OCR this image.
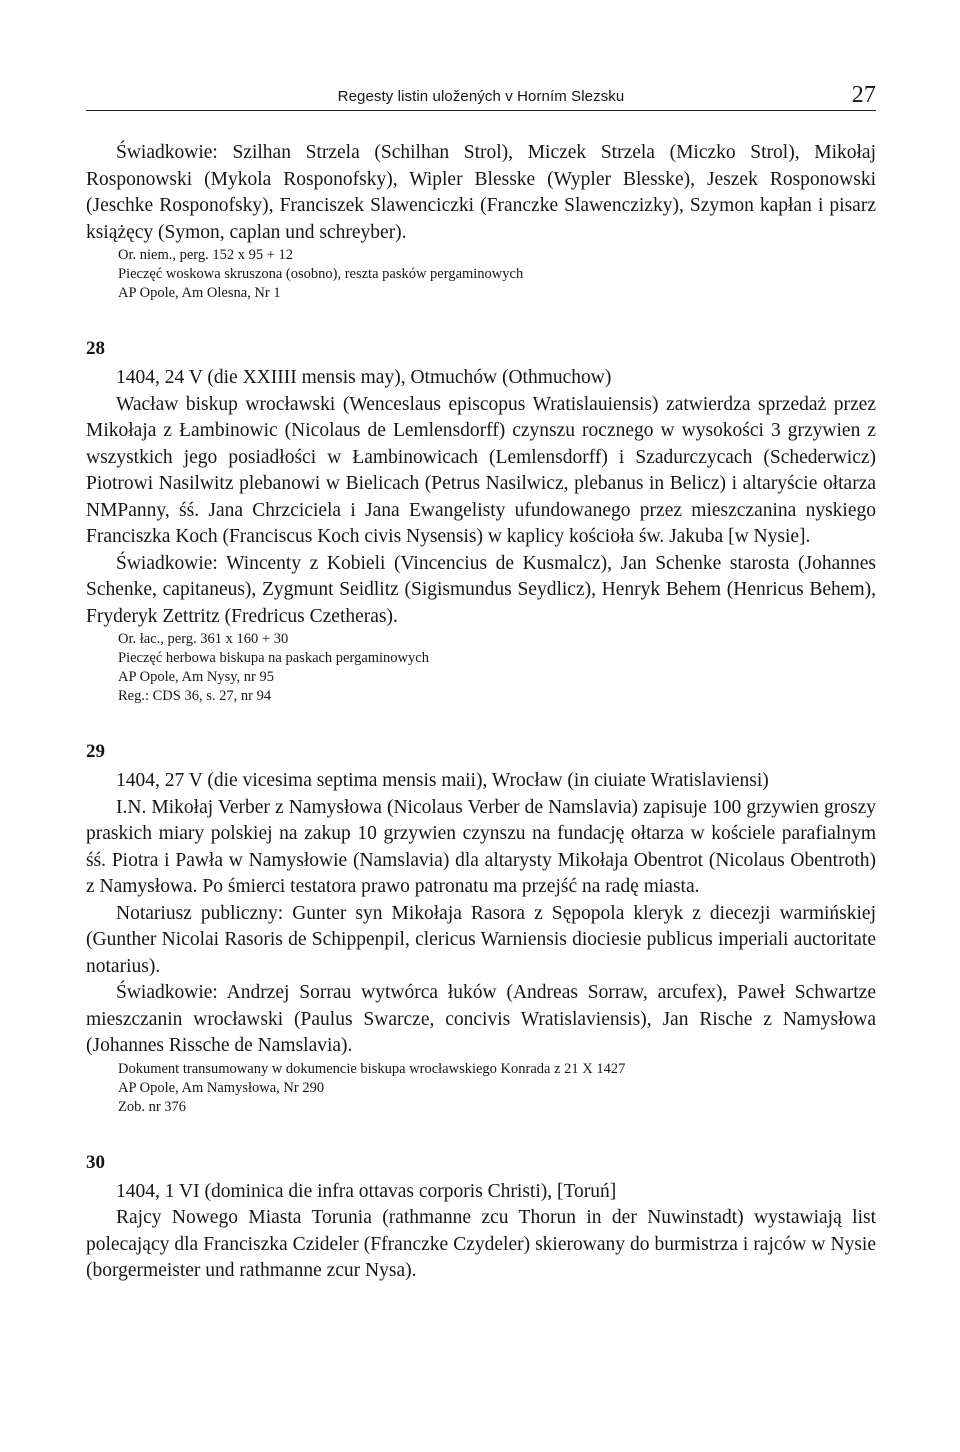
Regesty listin uložených v Horním Slezsku	27

Świadkowie: Szilhan Strzela (Schilhan Strol), Miczek Strzela (Miczko Strol), Mikołaj Rosponowski (Mykola Rosponofsky), Wipler Blesske (Wypler Blesske), Jeszek Rosponowski (Jeschke Rosponofsky), Franciszek Slawenciczki (Franczke Slawenczizky), Szymon kapłan i pisarz książęcy (Symon, caplan und schreyber).

Or. niem., perg. 152 x 95 + 12
Pieczęć woskowa skruszona (osobno), reszta pasków pergaminowych
AP Opole, Am Olesna, Nr 1
28

1404, 24 V (die XXIIII mensis may), Otmuchów (Othmuchow)

Wacław biskup wrocławski (Wenceslaus episcopus Wratislauiensis) zatwierdza sprzedaż przez Mikołaja z Łambinowic (Nicolaus de Lemlensdorff) czynszu rocznego w wysokości 3 grzywien z wszystkich jego posiadłości w Łambinowicach (Lemlensdorff) i Szadurczycach (Schederwicz) Piotrowi Nasilwitz plebanowi w Bielicach (Petrus Nasilwicz, plebanus in Belicz) i altaryście ołtarza NMPanny, śś. Jana Chrzciciela i Jana Ewangelisty ufundowanego przez mieszczanina nyskiego Franciszka Koch (Franciscus Koch civis Nysensis) w kaplicy kościoła św. Jakuba [w Nysie].

Świadkowie: Wincenty z Kobieli (Vincencius de Kusmalcz), Jan Schenke starosta (Johannes Schenke, capitaneus), Zygmunt Seidlitz (Sigismundus Seydlicz), Henryk Behem (Henricus Behem), Fryderyk Zettritz (Fredricus Czetheras).

Or. łac., perg. 361 x 160 + 30
Pieczęć herbowa biskupa na paskach pergaminowych
AP Opole, Am Nysy, nr 95
Reg.: CDS 36, s. 27, nr 94
29

1404, 27 V (die vicesima septima mensis maii), Wrocław (in ciuiate Wratislaviensi)

I.N. Mikołaj Verber z Namysłowa (Nicolaus Verber de Namslavia) zapisuje 100 grzywien groszy praskich miary polskiej na zakup 10 grzywien czynszu na fundację ołtarza w kościele parafialnym śś. Piotra i Pawła w Namysłowie (Namslavia) dla altarysty Mikołaja Obentrot (Nicolaus Obentroth) z Namysłowa. Po śmierci testatora prawo patronatu ma przejść na radę miasta.

Notariusz publiczny: Gunter syn Mikołaja Rasora z Sępopola kleryk z diecezji warmińskiej (Gunther Nicolai Rasoris de Schippenpil, clericus Warniensis diociesie publicus imperiali auctoritate notarius).

Świadkowie: Andrzej Sorrau wytwórca łuków (Andreas Sorraw, arcufex), Paweł Schwartze mieszczanin wrocławski (Paulus Swarcze, concivis Wratislaviensis), Jan Rische z Namysłowa (Johannes Rissche de Namslavia).

Dokument transumowany w dokumencie biskupa wrocławskiego Konrada z 21 X 1427
AP Opole, Am Namysłowa, Nr 290
Zob. nr 376
30

1404, 1 VI (dominica die infra ottavas corporis Christi), [Toruń]

Rajcy Nowego Miasta Torunia (rathmanne zcu Thorun in der Nuwinstadt) wystawiają list polecający dla Franciszka Czideler (Ffranczke Czydeler) skierowany do burmistrza i rajców w Nysie (borgermeister und rathmanne zcur Nysa).
